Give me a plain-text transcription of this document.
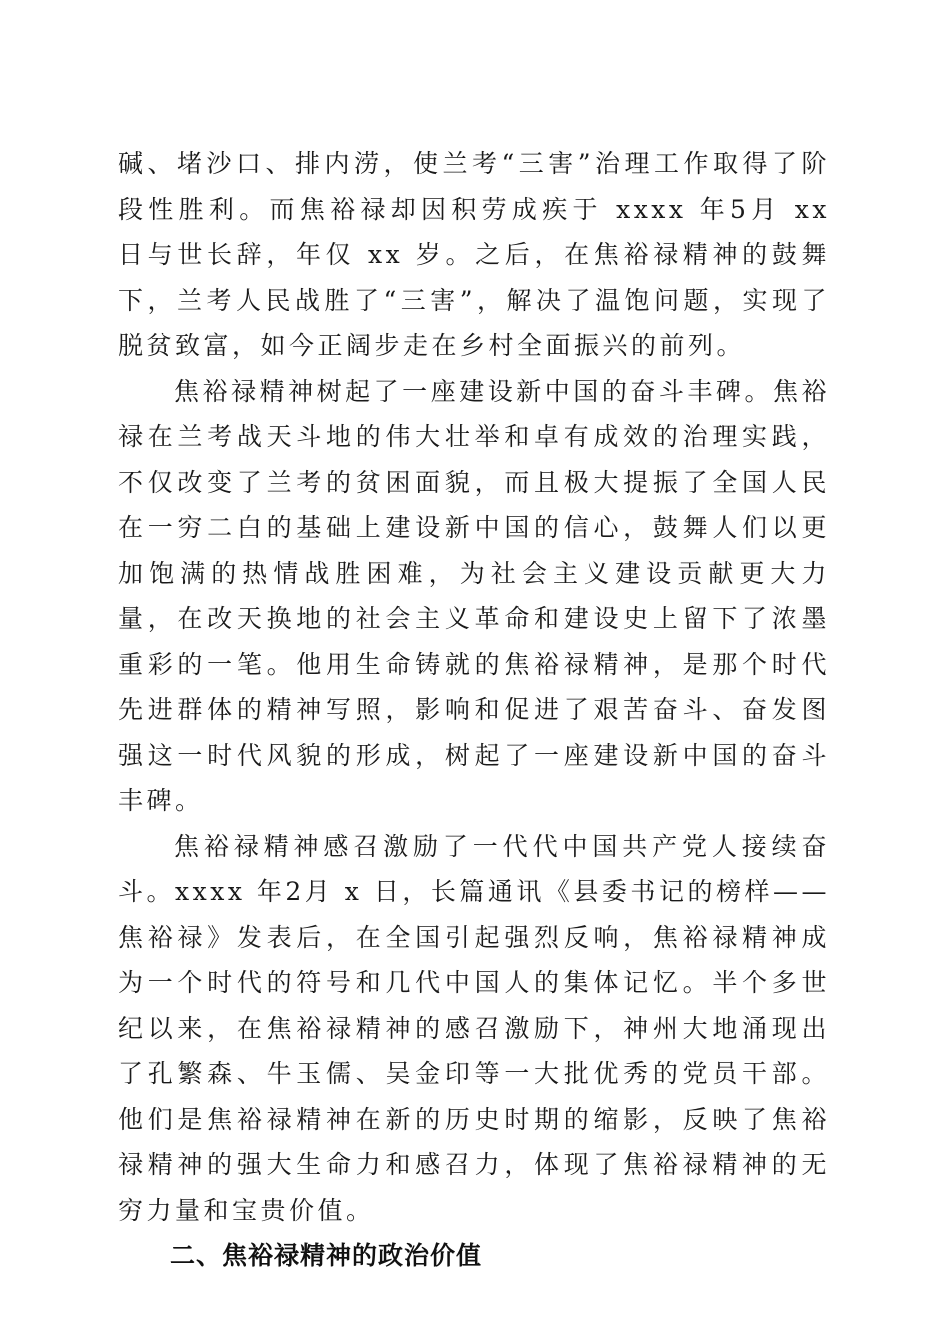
碱、堵沙口、排内涝，使兰考“三害”治理工作取得了阶段性胜利。而焦裕禄却因积劳成疾于 xxxx 年5月 xx 日与世长辞，年仅 xx 岁。之后，在焦裕禄精神的鼓舞下，兰考人民战胜了“三害”，解决了温饱问题，实现了脱贫致富，如今正阔步走在乡村全面振兴的前列。

焦裕禄精神树起了一座建设新中国的奋斗丰碑。焦裕禄在兰考战天斗地的伟大壮举和卓有成效的治理实践，不仅改变了兰考的贫困面貌，而且极大提振了全国人民在一穷二白的基础上建设新中国的信心，鼓舞人们以更加饱满的热情战胜困难，为社会主义建设贡献更大力量，在改天换地的社会主义革命和建设史上留下了浓墨重彩的一笔。他用生命铸就的焦裕禄精神，是那个时代先进群体的精神写照，影响和促进了艰苦奋斗、奋发图强这一时代风貌的形成，树起了一座建设新中国的奋斗丰碑。

焦裕禄精神感召激励了一代代中国共产党人接续奋斗。xxxx 年2月 x 日，长篇通讯《县委书记的榜样——焦裕禄》发表后，在全国引起强烈反响，焦裕禄精神成为一个时代的符号和几代中国人的集体记忆。半个多世纪以来，在焦裕禄精神的感召激励下，神州大地涌现出了孔繁森、牛玉儒、吴金印等一大批优秀的党员干部。他们是焦裕禄精神在新的历史时期的缩影，反映了焦裕禄精神的强大生命力和感召力，体现了焦裕禄精神的无穷力量和宝贵价值。

二、焦裕禄精神的政治价值
